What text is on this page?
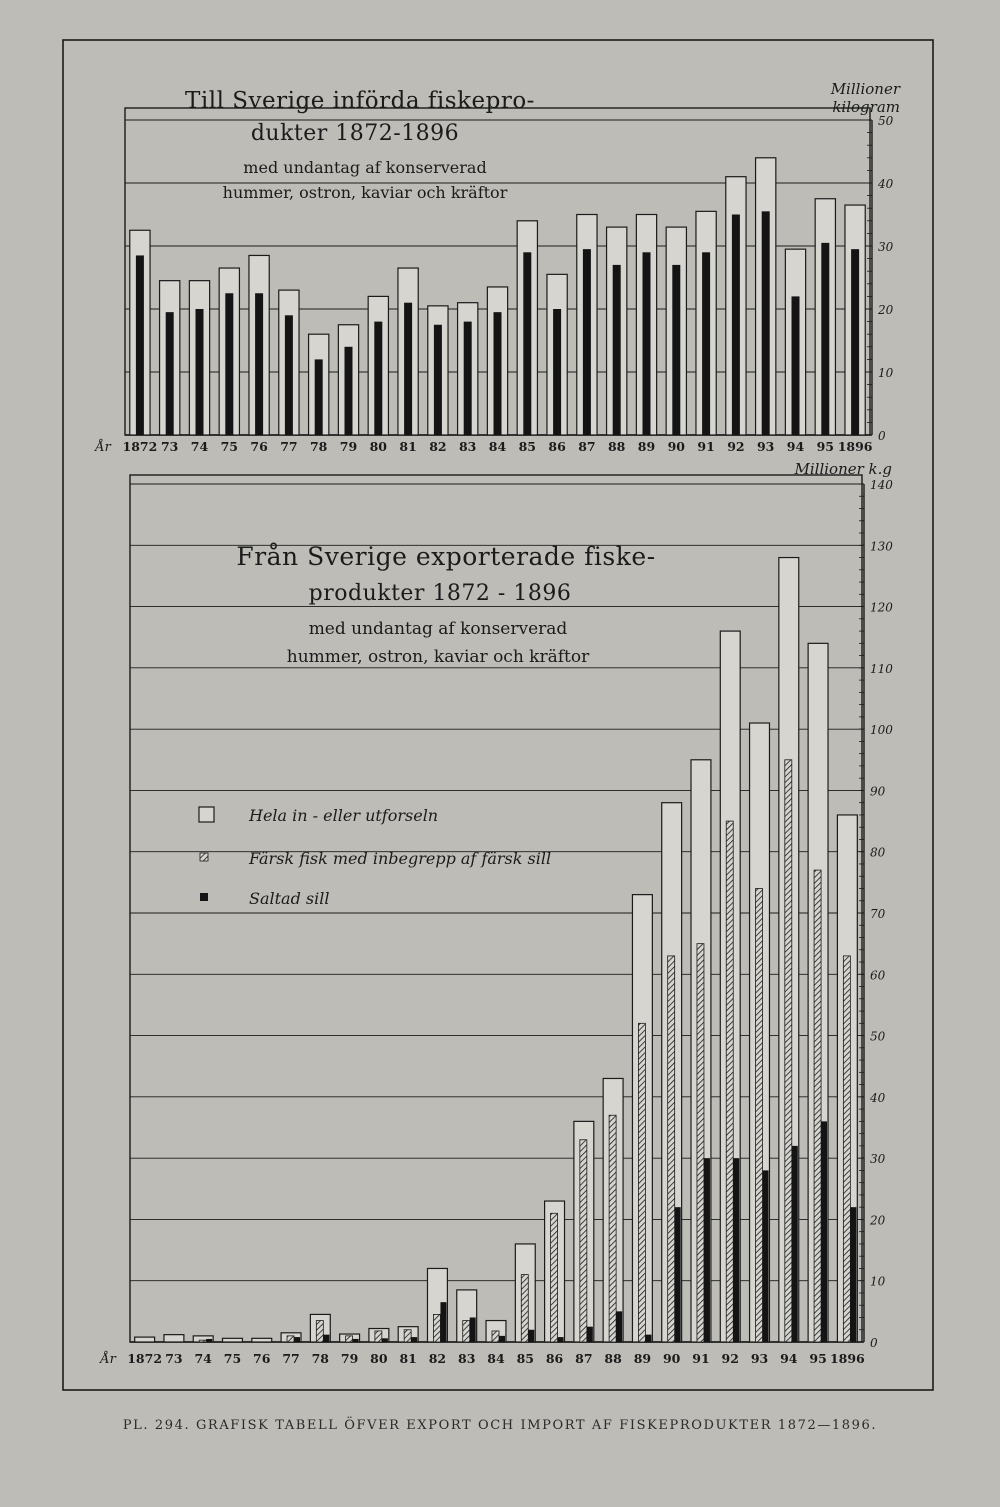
0
10
20
30
40
50
1872 73 74 75 76 77 78 79 80 81 82 83 84 85 86 87 88 89 90 91 92 93 94 95 1896
År
Till Sverige införda fiskepro-
dukter 1872-1896
med undantag af konserverad
hummer, ostron, kaviar och kräftor
Millioner
kilogram
0
10
20
30
40
50
60
70
80
90
100
110
120
130
140
1872 73 74 75 76 77 78 79 80 81 82 83 84 85 86 87 88 89 90 91 92 93 94 95 1896
År
Från Sverige exporterade fiske-
produkter 1872 - 1896
med undantag af konserverad
hummer, ostron, kaviar och kräftor
Millioner k.g
Hela in - eller utforseln
Färsk fisk med inbegrepp af färsk sill
Saltad sill
PL. 294. GRAFISK TABELL ÖFVER EXPORT OCH IMPORT AF FISKEPRODUKTER 1872—1896.
